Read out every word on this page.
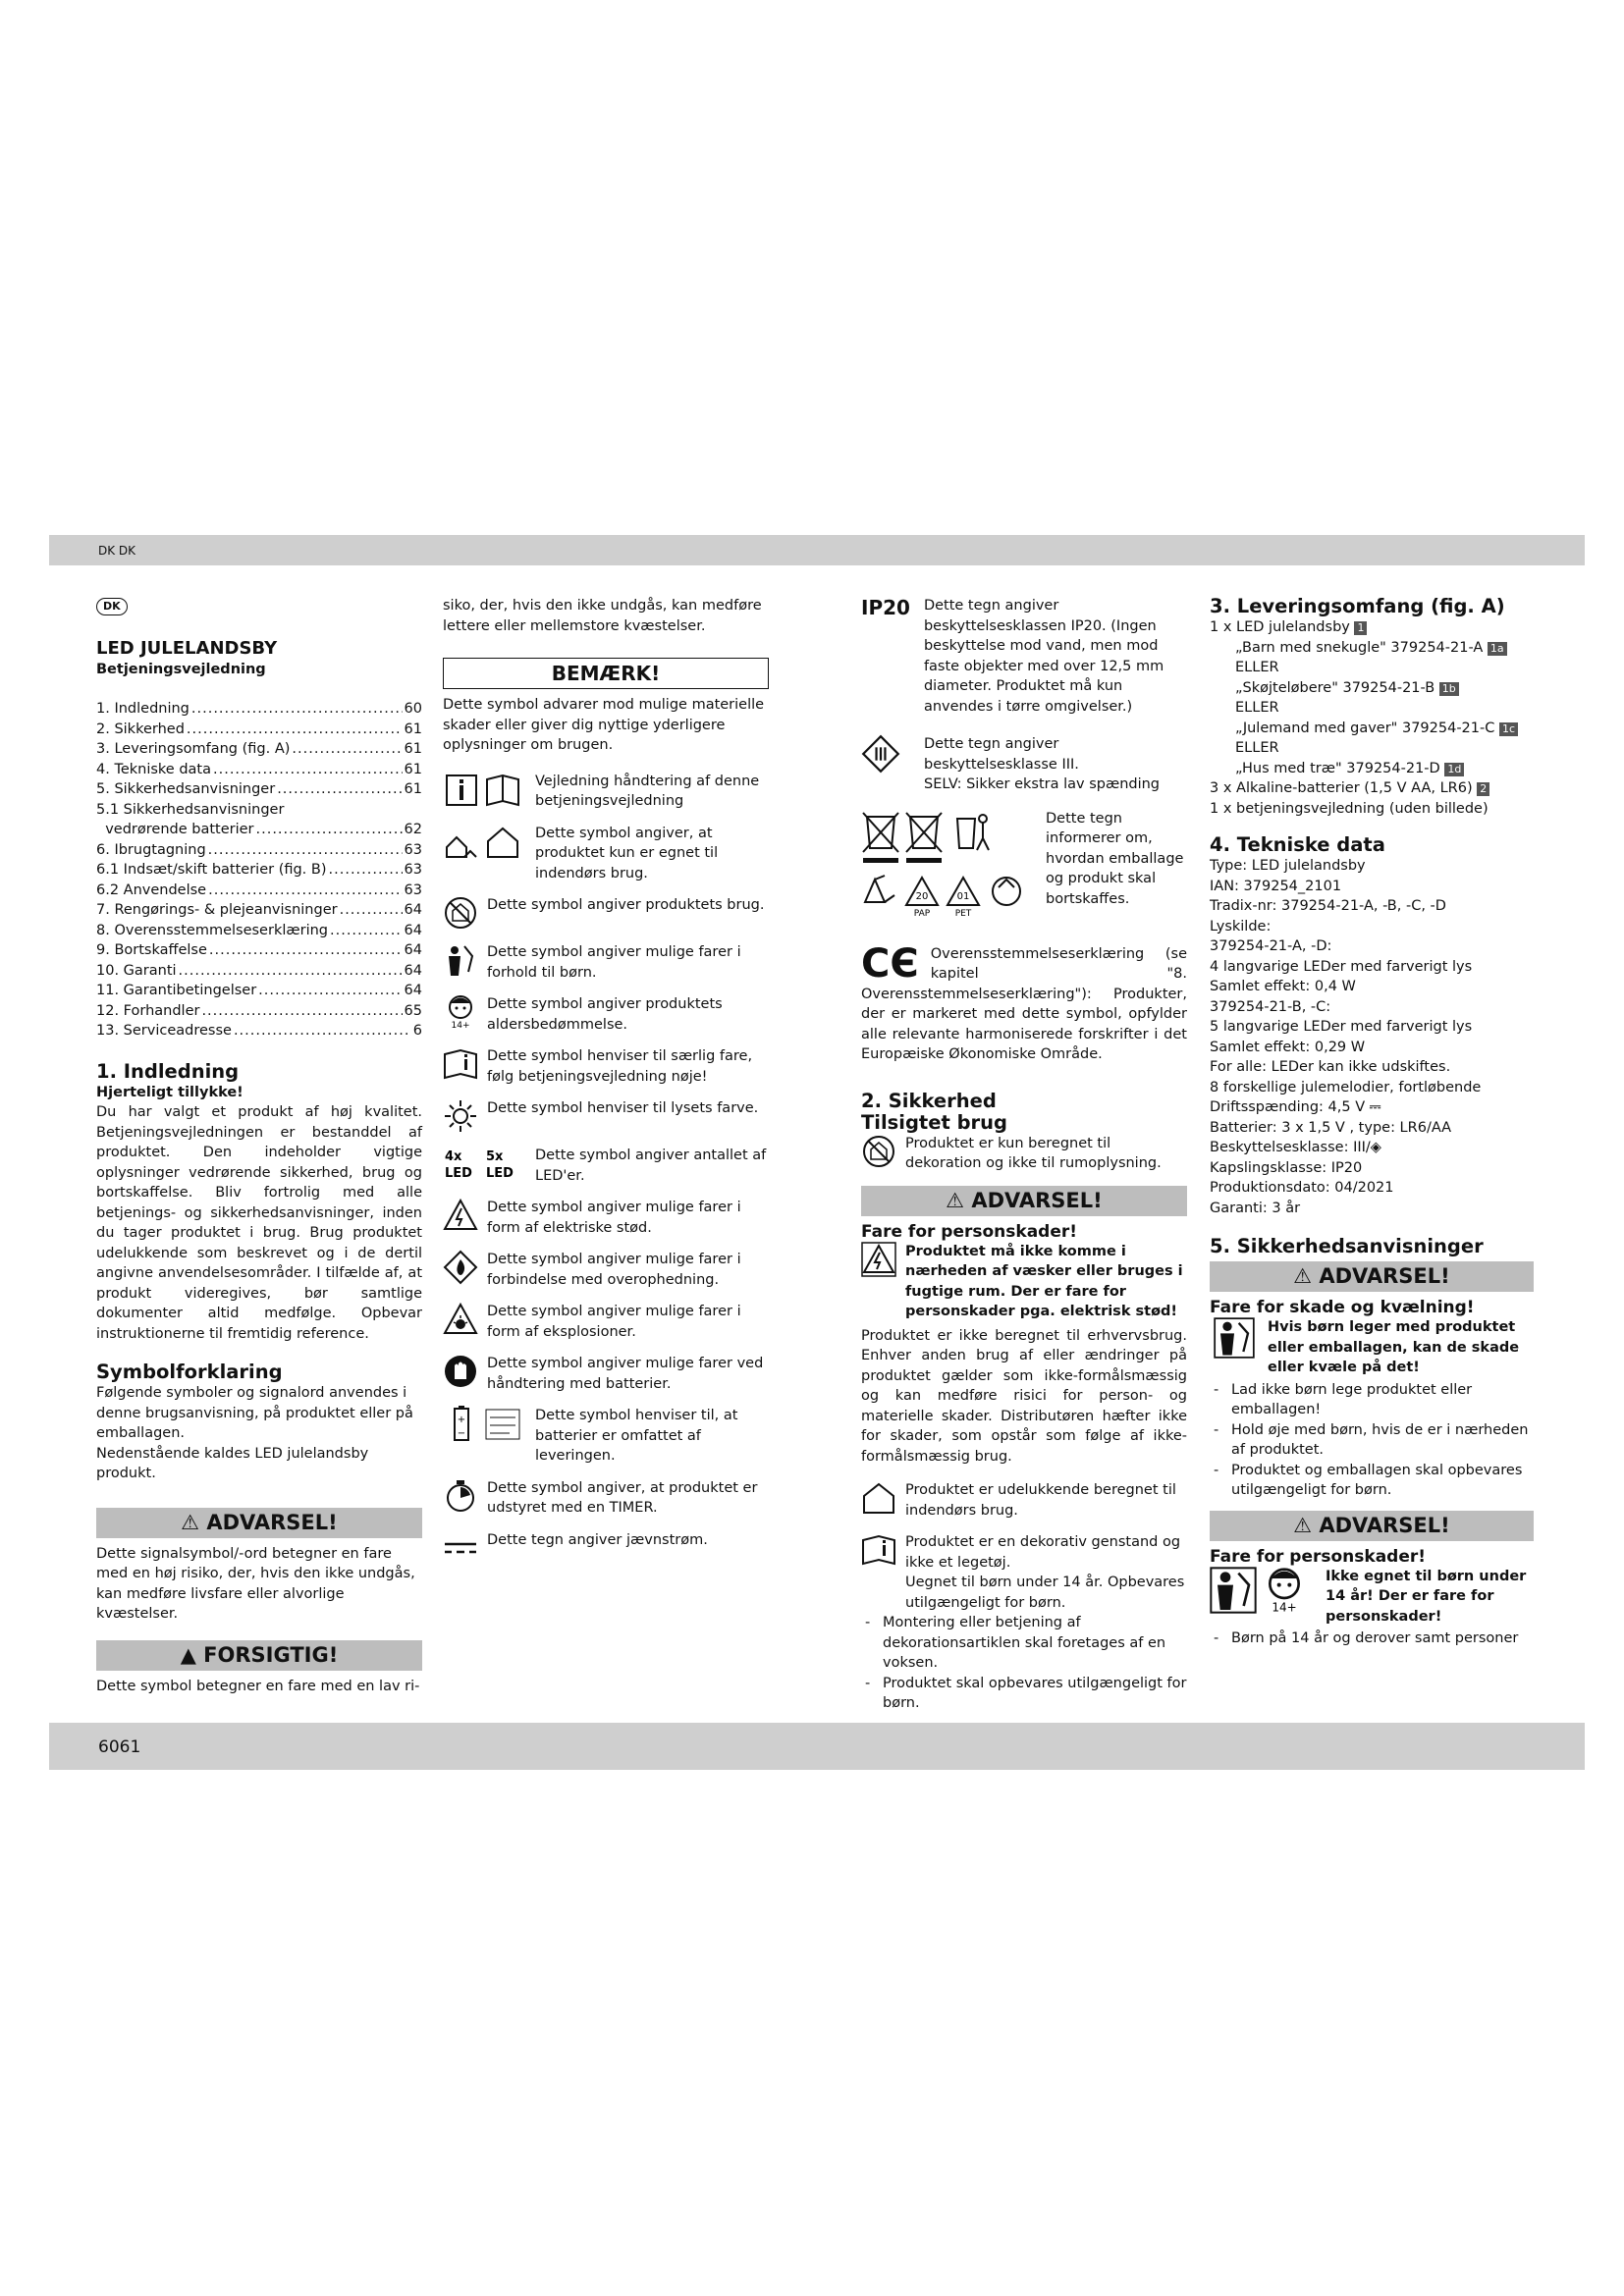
DK DK
DK

LED JULELANDSBY

Betjeningsvejledning

1. Indledning .....	60
2. Sikkerhed .....	61
3. Leveringsomfang (fig. A) .....	61
4. Tekniske data .....	61
5. Sikkerhedsanvisninger .....	61
5.1 Sikkerhedsanvisninger
vedrørende batterier .....	62
6. Ibrugtagning .....	63
6.1 Indsæt/skift batterier (fig. B) .....	63
6.2 Anvendelse .....	63
7. Rengørings- & plejeanvisninger .....	64
8. Overensstemmelseserklæring .....	64
9. Bortskaffelse .....	64
10. Garanti .....	64
11. Garantibetingelser .....	64
12. Forhandler .....	65
13. Serviceadresse .....	6

1. Indledning

Hjerteligt tillykke!

Du har valgt et produkt af høj kvalitet. Betjeningsvejledningen er bestanddel af produktet. Den indeholder vigtige oplysninger vedrørende sikkerhed, brug og bortskaffelse. Bliv fortrolig med alle betjenings- og sikkerhedsanvisninger, inden du tager produktet i brug. Brug produktet udelukkende som beskrevet og i de dertil angivne anvendelsesområder. I tilfælde af, at produkt videregives, bør samtlige dokumenter altid medfølge. Opbevar instruktionerne til fremtidig reference.

Symbolforklaring

Følgende symboler og signalord anvendes i denne brugsanvisning, på produktet eller på emballagen.

Nedenstående kaldes LED julelandsby produkt.

⚠ ADVARSEL!

Dette signalsymbol/-ord betegner en fare med en høj risiko, der, hvis den ikke undgås, kan medføre livsfare eller alvorlige kvæstelser.

▲ FORSIGTIG!

Dette symbol betegner en fare med en lav ri-

siko, der, hvis den ikke undgås, kan medføre lettere eller mellemstore kvæstelser.

BEMÆRK!

Dette symbol advarer mod mulige materielle skader eller giver dig nyttige yderligere oplysninger om brugen.

Vejledning håndtering af denne betjeningsvejledning
Dette symbol angiver, at produktet kun er egnet til indendørs brug.
Dette symbol angiver produktets brug.
Dette symbol angiver mulige farer i forhold til børn.
14+
Dette symbol angiver produktets aldersbedømmelse.
Dette symbol henviser til særlig fare, følg betjeningsvejledning nøje!
Dette symbol henviser til lysets farve.
4x
LED
5x
LED
Dette symbol angiver antallet af LED'er.
Dette symbol angiver mulige farer i form af elektriske stød.
Dette symbol angiver mulige farer i forbindelse med overophedning.
Dette symbol angiver mulige farer i form af eksplosioner.
Dette symbol angiver mulige farer ved håndtering med batterier.
+
−
Dette symbol henviser til, at batterier er omfattet af leveringen.
Dette symbol angiver, at produktet er udstyret med en TIMER.
Dette tegn angiver jævnstrøm.
IP20 Dette tegn angiver beskyttelsesklassen IP20. (Ingen beskyttelse mod vand, men mod faste objekter med over 12,5 mm diameter. Produktet må kun anvendes i tørre omgivelser.)

Dette tegn angiver beskyttelsesklasse III.

SELV: Sikker ekstra lav spænding

20	01
PAP	PET
Dette tegn informerer om, hvordan emballage og produkt skal bortskaffes.
C​​Є Overensstemmelseserklæring (se kapitel "8. Overensstemmelseserklæring"): Produkter, der er markeret med dette symbol, opfylder alle relevante harmoniserede forskrifter i det Europæiske Økonomiske Område.

2. Sikkerhed

Tilsigtet brug

Produktet er kun beregnet til dekoration og ikke til rumoplysning.
⚠ ADVARSEL!

Fare for personskader!

Produktet må ikke komme i nærheden af væsker eller bruges i fugtige rum. Der er fare for personskader pga. elektrisk stød!

Produktet er ikke beregnet til erhvervsbrug. Enhver anden brug af eller ændringer på produktet gælder som ikke-formålsmæssig og kan medføre risici for person- og materielle skader. Distributøren hæfter ikke for skader, som opstår som følge af ikke-formålsmæssig brug.

Produktet er udelukkende beregnet til indendørs brug.

Produktet er en dekorativ genstand og ikke et legetøj.

Uegnet til børn under 14 år. Opbevares utilgængeligt for børn.

- Montering eller betjening af dekorationsartiklen skal foretages af en voksen.
- Produktet skal opbevares utilgængeligt for børn.

3. Leveringsomfang (fig. A)

1 x LED julelandsby 1

„Barn med snekugle" 379254-21-A 1a

ELLER

„Skøjteløbere" 379254-21-B 1b

ELLER

„Julemand med gaver" 379254-21-C 1c

ELLER

„Hus med træ" 379254-21-D 1d

3 x Alkaline-batterier (1,5 V AA, LR6) 2

1 x betjeningsvejledning (uden billede)

4. Tekniske data

Type: LED julelandsby

IAN: 379254_2101

Tradix-nr: 379254-21-A, -B, -C, -D

Lyskilde:

379254-21-A, -D:

4 langvarige LEDer med farverigt lys

Samlet effekt: 0,4 W

379254-21-B, -C:

5 langvarige LEDer med farverigt lys

Samlet effekt: 0,29 W

For alle: LEDer kan ikke udskiftes.

8 forskellige julemelodier, fortløbende

Driftsspænding: 4,5 V ⎓

Batterier: 3 x 1,5 V , type: LR6/AA

Beskyttelsesklasse: III/◈

Kapslingsklasse: IP20

Produktionsdato: 04/2021

Garanti: 3 år

5. Sikkerhedsanvisninger

⚠ ADVARSEL!

Fare for skade og kvælning!

Hvis børn leger med produktet eller emballagen, kan de skade eller kvæle på det!
- Lad ikke børn lege produktet eller emballagen!
- Hold øje med børn, hvis de er i nærheden af produktet.
- Produktet og emballagen skal opbevares utilgængeligt for børn.
⚠ ADVARSEL!

Fare for personskader!

14+
Ikke egnet til børn under 14 år! Der er fare for personskader!
- Børn på 14 år og derover samt personer
6061
